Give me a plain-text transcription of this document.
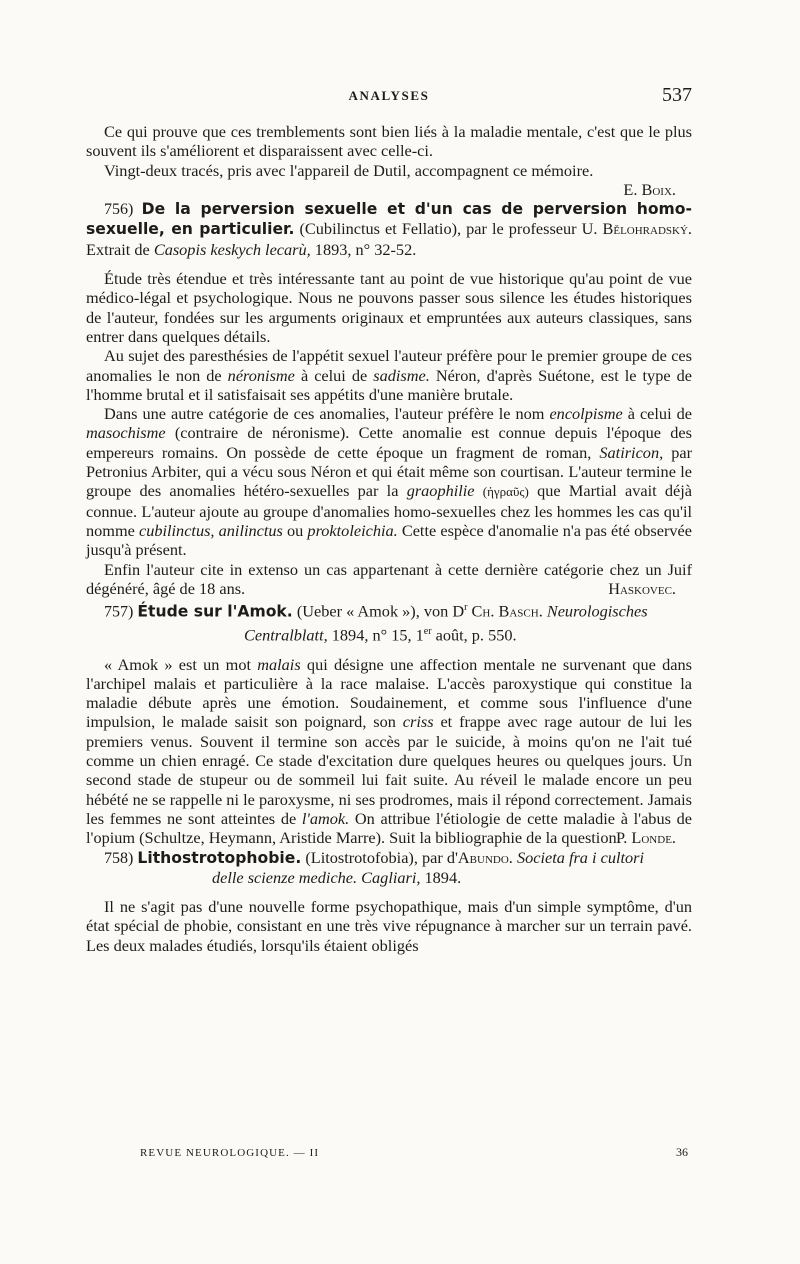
ANALYSES	537

Ce qui prouve que ces tremblements sont bien liés à la maladie mentale, c'est que le plus souvent ils s'améliorent et disparaissent avec celle-ci.

Vingt-deux tracés, pris avec l'appareil de Dutil, accompagnent ce mémoire.

E. Boix.

756) De la perversion sexuelle et d'un cas de perversion homo-
sexuelle, en particulier. (Cubilinctus et Fellatio), par le professeur U. Bělohradský. Extrait de Casopis keskych lecarù, 1893, n° 32-52.

Étude très étendue et très intéressante tant au point de vue historique qu'au point de vue médico-légal et psychologique. Nous ne pouvons passer sous silence les études historiques de l'auteur, fondées sur les arguments originaux et empruntées aux auteurs classiques, sans entrer dans quelques détails.

Au sujet des paresthésies de l'appétit sexuel l'auteur préfère pour le premier groupe de ces anomalies le non de néronisme à celui de sadisme. Néron, d'après Suétone, est le type de l'homme brutal et il satisfaisait ses appétits d'une manière brutale.

Dans une autre catégorie de ces anomalies, l'auteur préfère le nom encolpisme à celui de masochisme (contraire de néronisme). Cette anomalie est connue depuis l'époque des empereurs romains. On possède de cette époque un fragment de roman, Satiricon, par Petronius Arbiter, qui a vécu sous Néron et qui était même son courtisan. L'auteur termine le groupe des anomalies hétéro-sexuelles par la graophilie (ἡγραῦς) que Martial avait déjà connue. L'auteur ajoute au groupe d'anomalies homo-sexuelles chez les hommes les cas qu'il nomme cubilinctus, anilinctus ou proktoleichia. Cette espèce d'anomalie n'a pas été observée jusqu'à présent.

Enfin l'auteur cite in extenso un cas appartenant à cette dernière catégorie chez un Juif dégénéré, âgé de 18 ans.	Haskovec.

757) Étude sur l'Amok. (Ueber « Amok »), von $D^r$ Ch. Basch. Neurologisches
Centralblatt, 1894, n° 15, 1er août, p. 550.

« Amok » est un mot malais qui désigne une affection mentale ne survenant que dans l'archipel malais et particulière à la race malaise. L'accès paroxystique qui constitue la maladie débute après une émotion. Soudainement, et comme sous l'influence d'une impulsion, le malade saisit son poignard, son criss et frappe avec rage autour de lui les premiers venus. Souvent il termine son accès par le suicide, à moins qu'on ne l'ait tué comme un chien enragé. Ce stade d'excitation dure quelques heures ou quelques jours. Un second stade de stupeur ou de sommeil lui fait suite. Au réveil le malade encore un peu hébété ne se rappelle ni le paroxysme, ni ses prodromes, mais il répond correctement. Jamais les femmes ne sont atteintes de l'amok. On attribue l'étiologie de cette maladie à l'abus de l'opium (Schultze, Heymann, Aristide Marre). Suit la bibliographie de la question.
P. Londe.

758) Lithostrotophobie. (Litostrotofobia), par d'Abundo. Societa fra i cultori
delle scienze mediche. Cagliari, 1894.

Il ne s'agit pas d'une nouvelle forme psychopathique, mais d'un simple symptôme, d'un état spécial de phobie, consistant en une très vive répugnance à marcher sur un terrain pavé. Les deux malades étudiés, lorsqu'ils étaient obligés

REVUE NEUROLOGIQUE. — II	36
